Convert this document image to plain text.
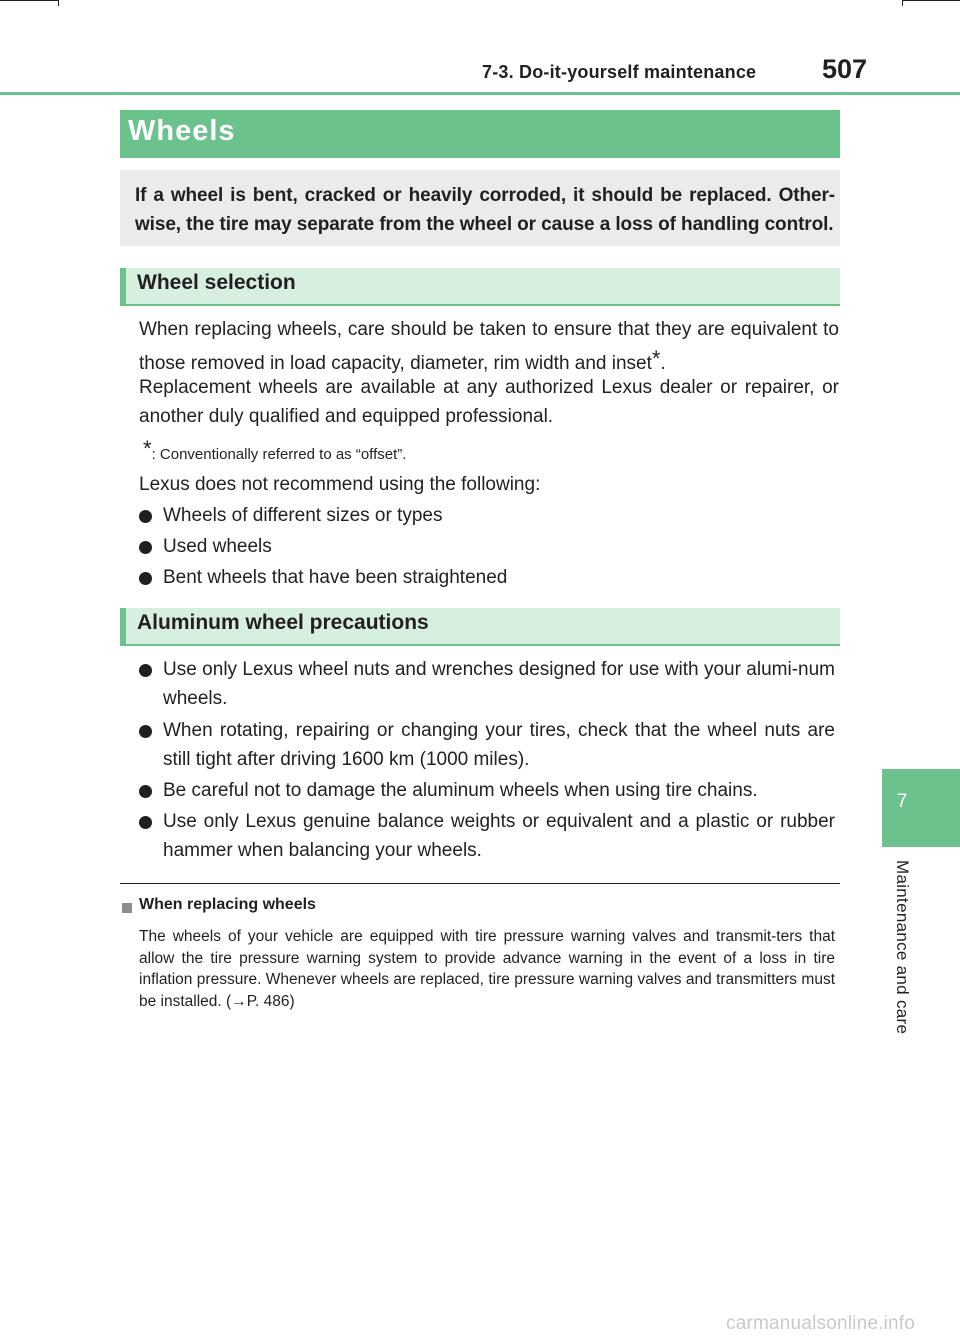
7-3. Do-it-yourself maintenance 507
Wheels
If a wheel is bent, cracked or heavily corroded, it should be replaced. Other-wise, the tire may separate from the wheel or cause a loss of handling control.
Wheel selection
When replacing wheels, care should be taken to ensure that they are equivalent to those removed in load capacity, diameter, rim width and inset*.
Replacement wheels are available at any authorized Lexus dealer or repairer, or another duly qualified and equipped professional.
*: Conventionally referred to as “offset”.
Lexus does not recommend using the following:
Wheels of different sizes or types
Used wheels
Bent wheels that have been straightened
Aluminum wheel precautions
Use only Lexus wheel nuts and wrenches designed for use with your alumi-num wheels.
When rotating, repairing or changing your tires, check that the wheel nuts are still tight after driving 1600 km (1000 miles).
Be careful not to damage the aluminum wheels when using tire chains.
Use only Lexus genuine balance weights or equivalent and a plastic or rubber hammer when balancing your wheels.
When replacing wheels
The wheels of your vehicle are equipped with tire pressure warning valves and transmit-ters that allow the tire pressure warning system to provide advance warning in the event of a loss in tire inflation pressure. Whenever wheels are replaced, tire pressure warning valves and transmitters must be installed. (→P. 486)
7
Maintenance and care
carmanualsonline.info
